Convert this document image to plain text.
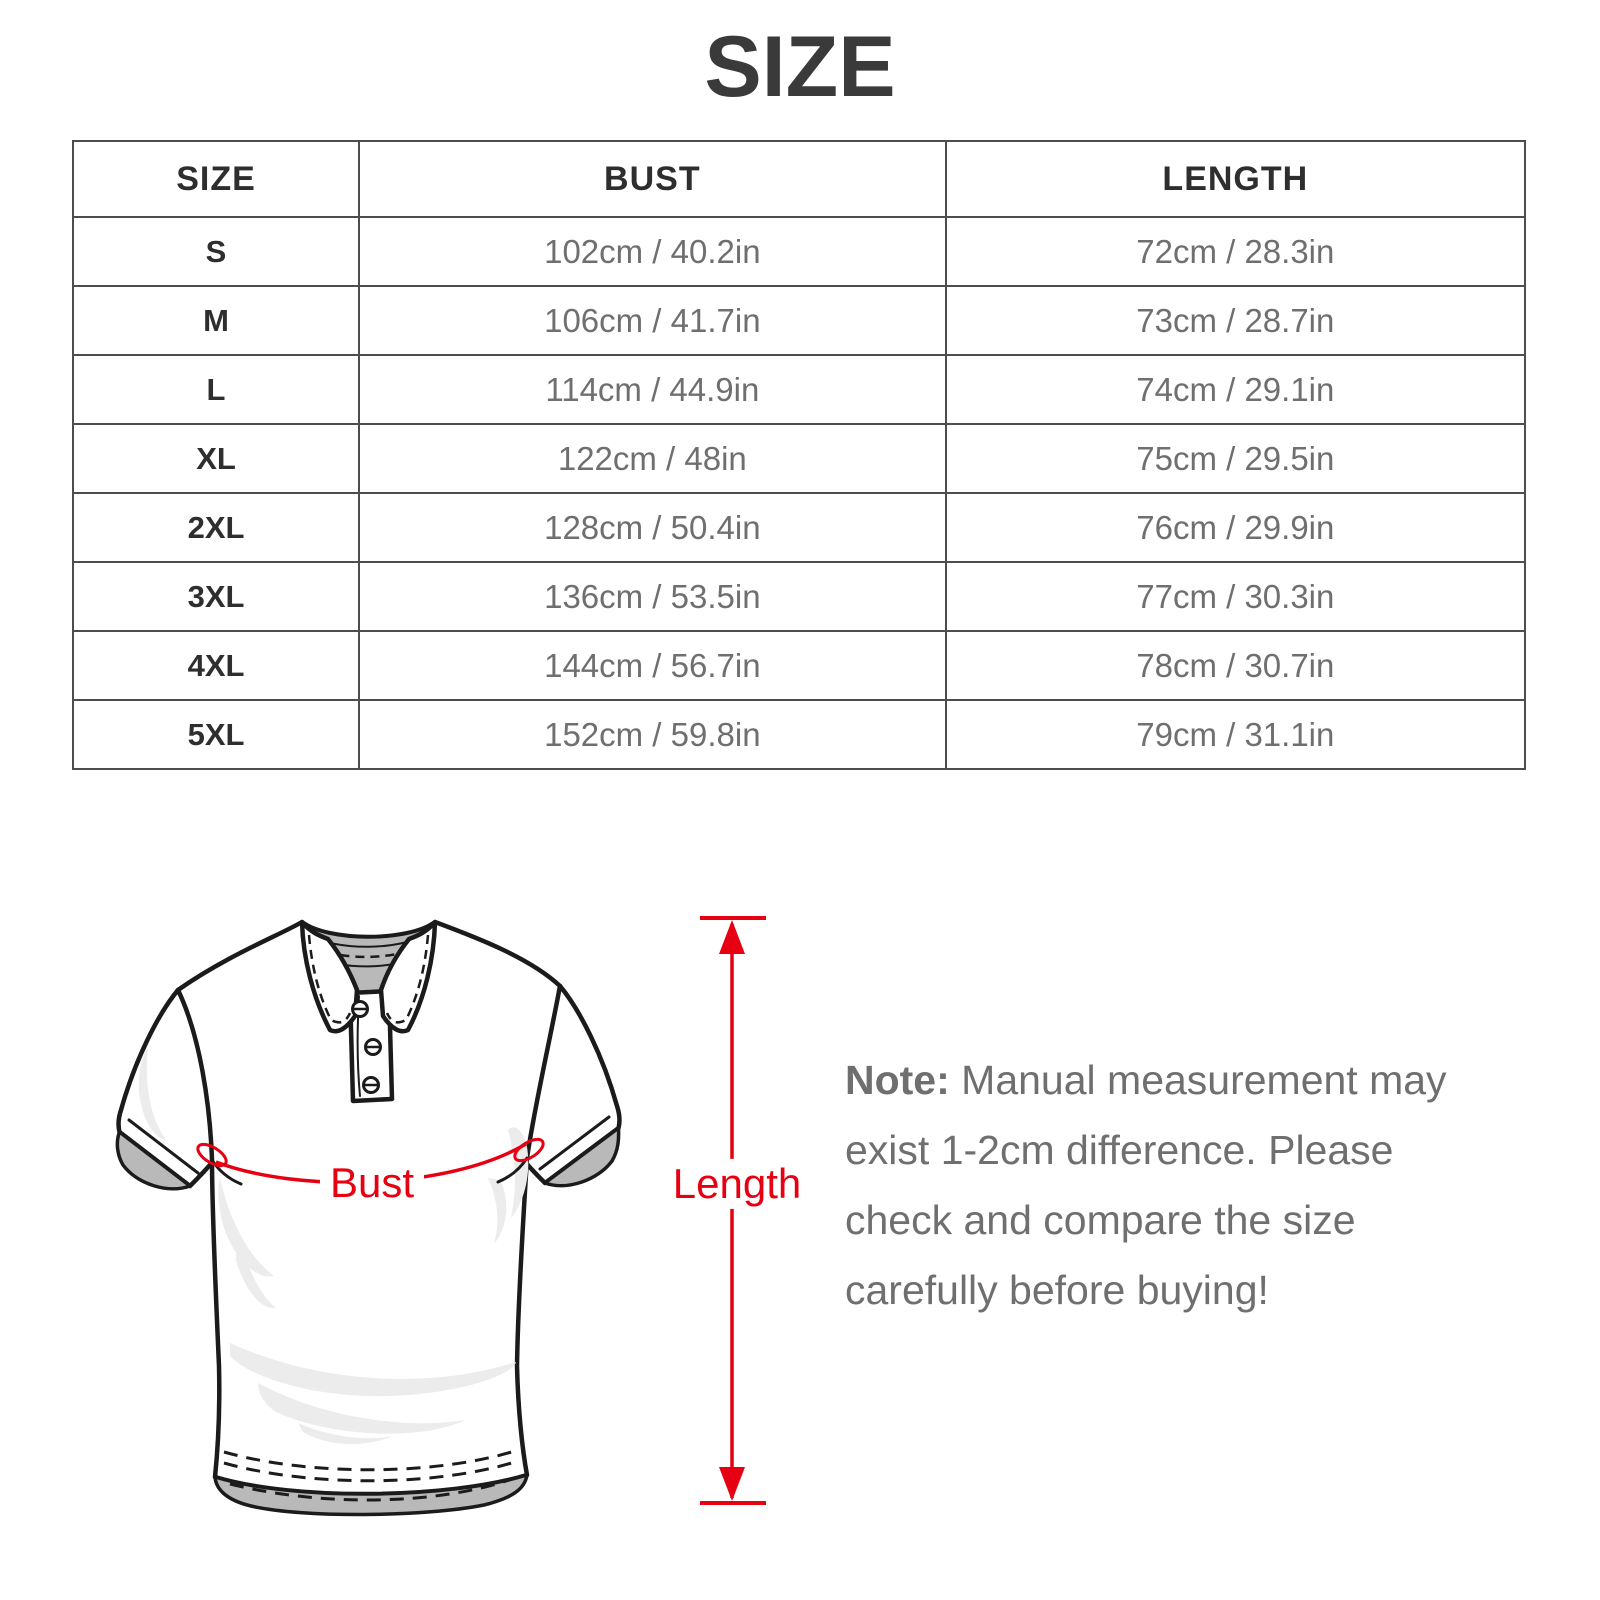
SIZE
SIZE	BUST	LENGTH
S	102cm / 40.2in	72cm / 28.3in
M	106cm / 41.7in	73cm / 28.7in
L	114cm / 44.9in	74cm / 29.1in
XL	122cm / 48in	75cm / 29.5in
2XL	128cm / 50.4in	76cm / 29.9in
3XL	136cm / 53.5in	77cm / 30.3in
4XL	144cm / 56.7in	78cm / 30.7in
5XL	152cm / 59.8in	79cm / 31.1in
Bust	Length

Note: Manual measurement may
exist 1-2cm difference. Please
check and compare the size
carefully before buying!
